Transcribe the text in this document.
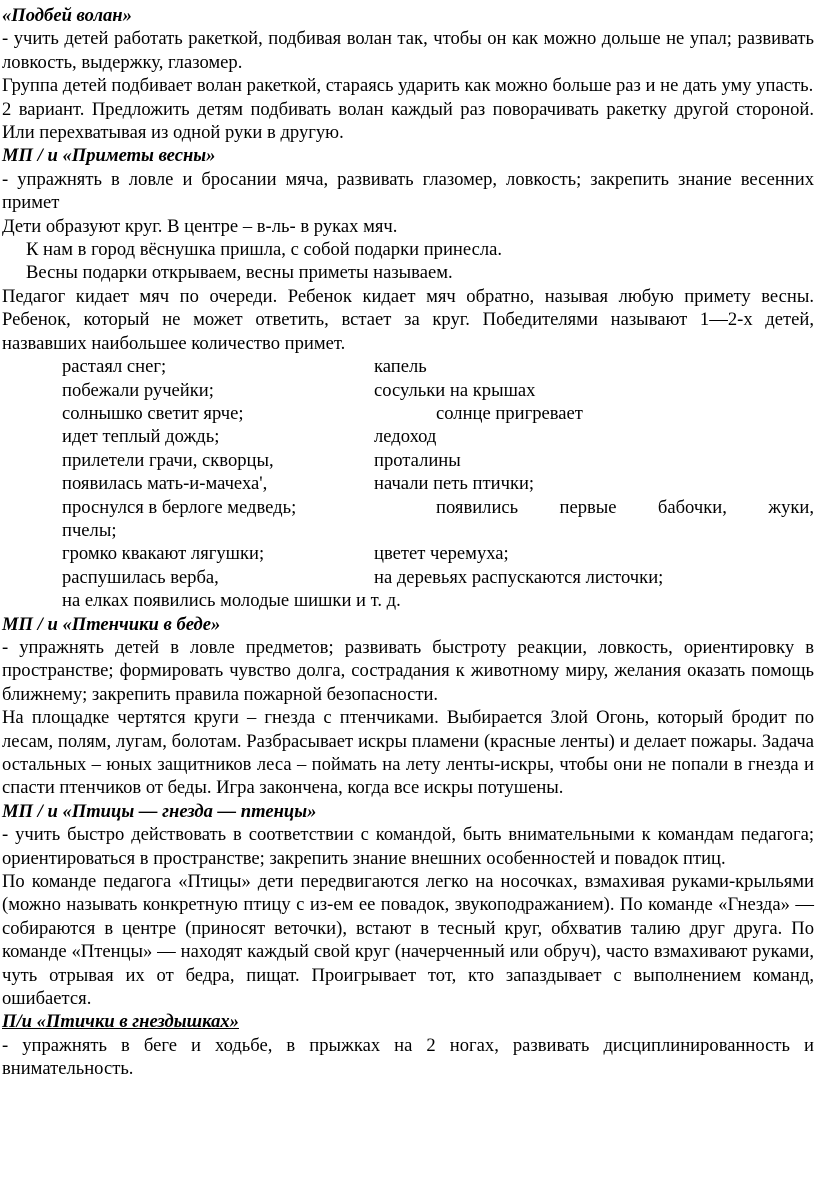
«Подбей волан»

- учить детей работать ракеткой, подбивая волан так, чтобы он как можно дольше не упал; развивать ловкость, выдержку, глазомер.

Группа детей подбивает волан ракеткой, стараясь ударить как можно больше раз и не дать уму упасть.

2 вариант. Предложить детям подбивать волан каждый раз поворачивать ракетку другой стороной. Или перехватывая из одной руки в другую.

МП / и «Приметы весны»

- упражнять в ловле и бросании мяча, развивать глазомер, ловкость; закрепить знание весенних примет

Дети образуют круг. В центре – в-ль- в руках мяч.

К нам в город вёснушка пришла, с собой подарки принесла.

Весны подарки открываем, весны приметы называем.

Педагог кидает мяч по очереди. Ребенок кидает мяч обратно, называя любую примету весны. Ребенок, который не может ответить, встает за круг. Победителями называют 1—2-х детей, назвавших наибольшее количество примет.

растаял снег;	капель
побежали ручейки;	сосульки на крышах
солнышко светит ярче;	солнце пригревает
идет теплый дождь;	ледоход
прилетели грачи, скворцы,	проталины
появилась мать-и-мачеха',	начали петь птички;
проснулся в берлоге медведь;	появились первые бабочки, жуки,
пчелы;
громко квакают лягушки;	цветет черемуха;
распушилась верба,	на деревьях распускаются листочки;
на елках появились молодые шишки и т. д.

МП / и «Птенчики в беде»

- упражнять детей в ловле предметов; развивать быстроту реакции, ловкость, ориентировку в пространстве; формировать чувство долга, сострадания к животному миру, желания оказать помощь ближнему; закрепить правила пожарной безопасности.

На площадке чертятся круги – гнезда с птенчиками. Выбирается Злой Огонь, который бродит по лесам, полям, лугам, болотам. Разбрасывает искры пламени (красные ленты) и делает пожары. Задача остальных – юных защитников леса – поймать на лету ленты-искры, чтобы они не попали в гнезда и спасти птенчиков от беды. Игра закончена, когда все искры потушены.

МП / и «Птицы — гнезда — птенцы»

- учить быстро действовать в соответствии с командой, быть внимательными к командам педагога; ориентироваться в пространстве; закрепить знание внешних особенностей и повадок птиц.

По команде педагога «Птицы» дети передвигаются легко на носочках, взмахивая руками-крыльями (можно называть конкретную птицу с из-ем ее повадок, звукоподражанием). По команде «Гнезда» — собираются в центре (приносят веточки), встают в тесный круг, обхватив талию друг друга. По команде «Птенцы» — находят каждый свой круг (начерченный или обруч), часто взмахивают руками, чуть отрывая их от бедра, пищат. Проигрывает тот, кто запаздывает с выполнением команд, ошибается.

П/и «Птички в гнездышках»

- упражнять в беге и ходьбе, в прыжках на 2 ногах, развивать дисциплинированность и внимательность.
